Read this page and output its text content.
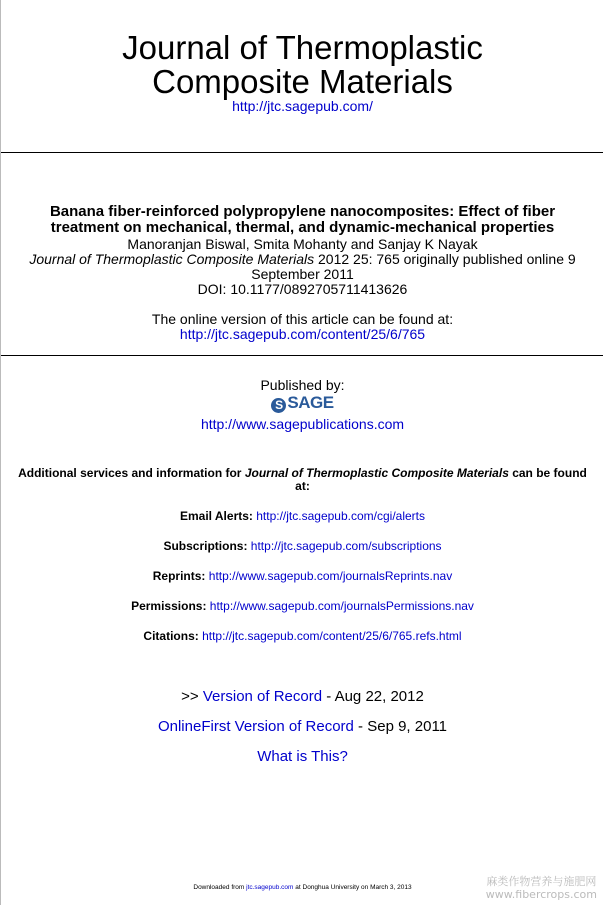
Journal of Thermoplastic
Composite Materials
http://jtc.sagepub.com/
Banana fiber-reinforced polypropylene nanocomposites: Effect of fiber
treatment on mechanical, thermal, and dynamic-mechanical properties
Manoranjan Biswal, Smita Mohanty and Sanjay K Nayak
Journal of Thermoplastic Composite Materials 2012 25: 765 originally published online 9
September 2011
DOI: 10.1177/0892705711413626
The online version of this article can be found at:
http://jtc.sagepub.com/content/25/6/765
Published by:
S SAGE
http://www.sagepublications.com
Additional services and information for Journal of Thermoplastic Composite Materials can be found
at:
Email Alerts: http://jtc.sagepub.com/cgi/alerts
Subscriptions: http://jtc.sagepub.com/subscriptions
Reprints: http://www.sagepub.com/journalsReprints.nav
Permissions: http://www.sagepub.com/journalsPermissions.nav
Citations: http://jtc.sagepub.com/content/25/6/765.refs.html
>> Version of Record - Aug 22, 2012
OnlineFirst Version of Record - Sep 9, 2011
What is This?
Downloaded from jtc.sagepub.com at Donghua University on March 3, 2013	麻类作物营养与施肥网
www.fibercrops.com
